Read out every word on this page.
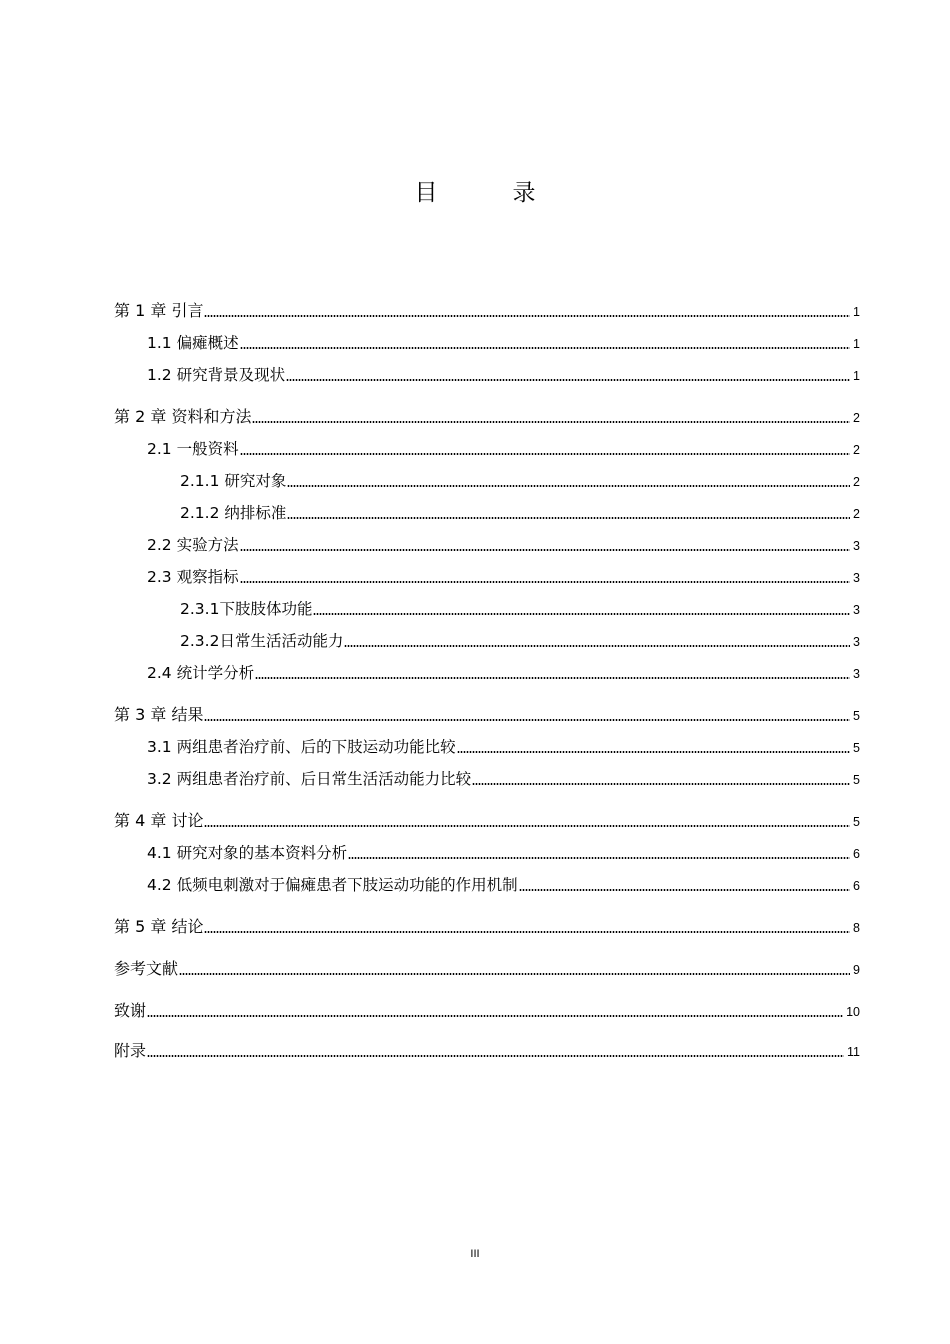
目　录
第 1 章 引言	1
1.1 偏瘫概述	1
1.2 研究背景及现状	1
第 2 章 资料和方法	2
2.1 一般资料	2
2.1.1 研究对象	2
2.1.2 纳排标准	2
2.2 实验方法	3
2.3 观察指标	3
2.3.1下肢肢体功能	3
2.3.2日常生活活动能力	3
2.4 统计学分析	3
第 3 章 结果	5
3.1 两组患者治疗前、后的下肢运动功能比较	5
3.2 两组患者治疗前、后日常生活活动能力比较	5
第 4 章 讨论	5
4.1 研究对象的基本资料分析	6
4.2 低频电刺激对于偏瘫患者下肢运动功能的作用机制	6
第 5 章 结论	8
参考文献	9
致谢	10
附录	11
III
